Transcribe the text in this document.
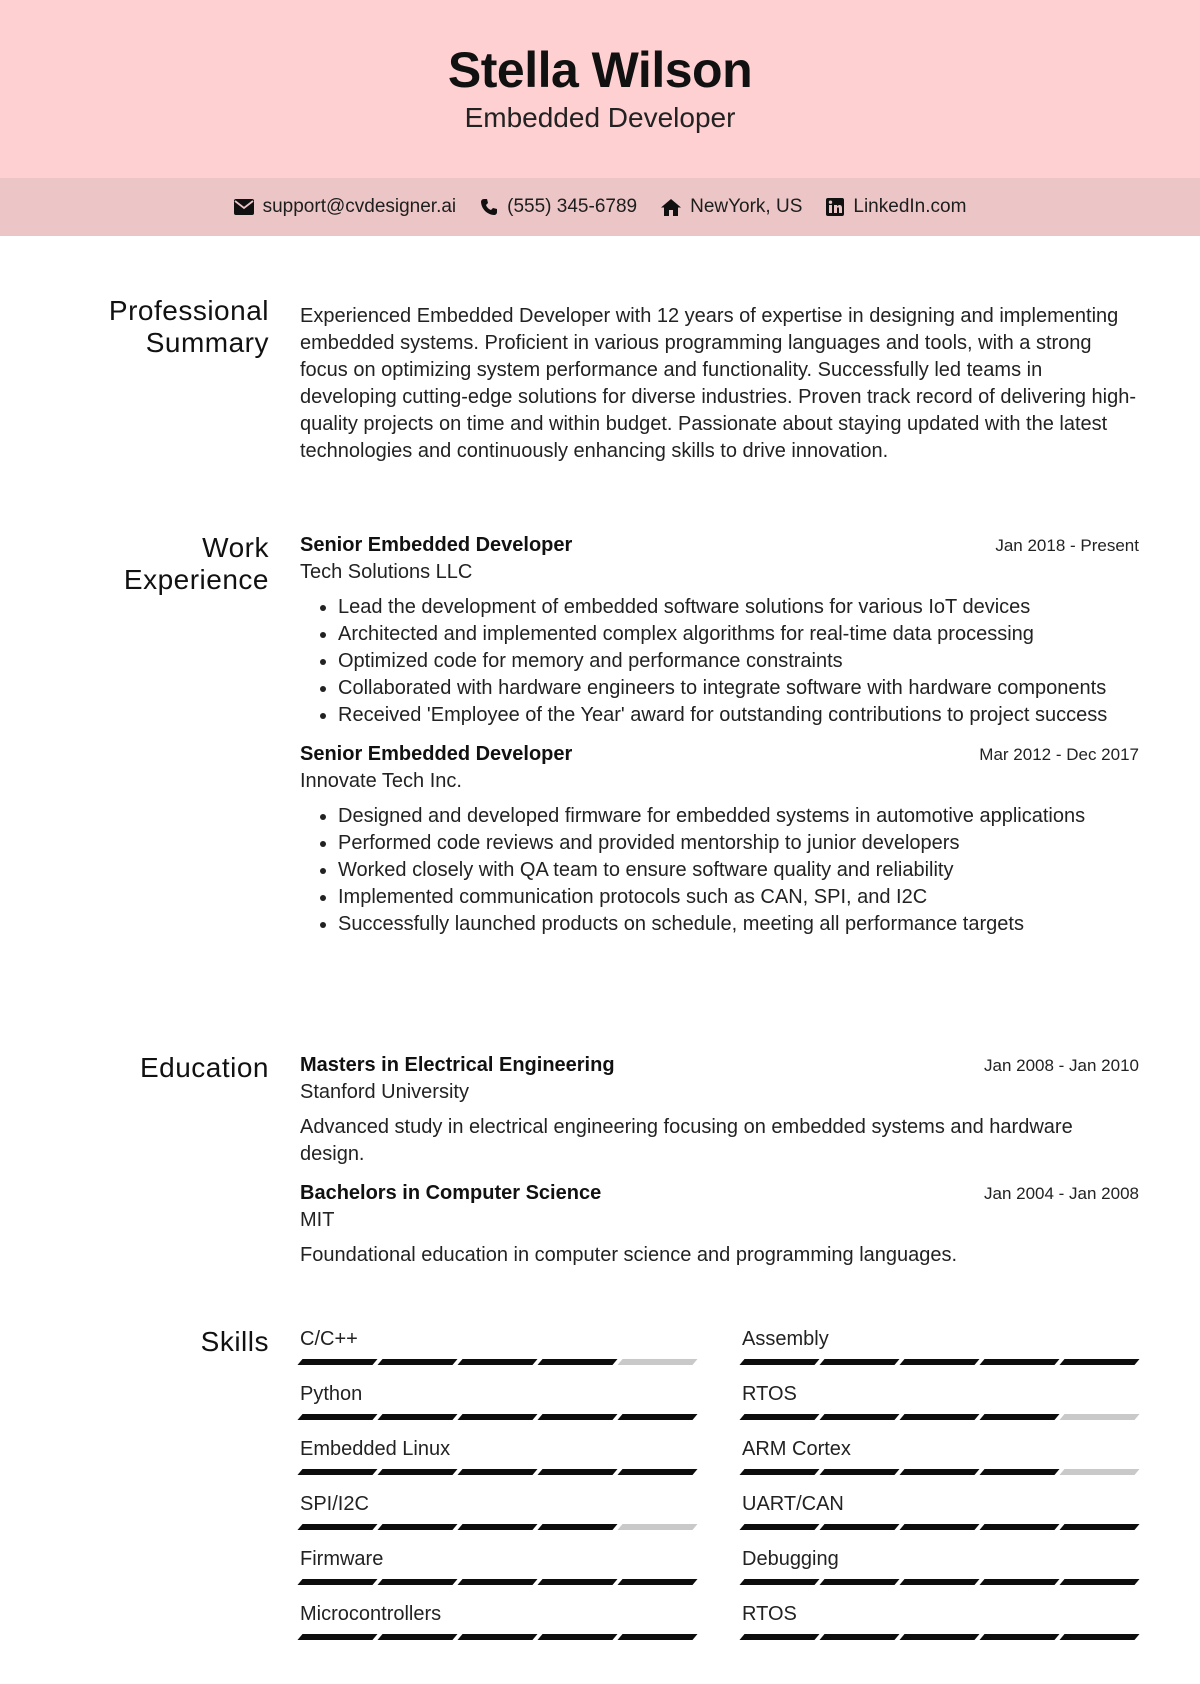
Stella Wilson
Embedded Developer
support@cvdesigner.ai	(555) 345-6789	NewYork, US	LinkedIn.com
Professional
Summary

Experienced Embedded Developer with 12 years of expertise in designing and implementing embedded systems. Proficient in various programming languages and tools, with a strong focus on optimizing system performance and functionality. Successfully led teams in developing cutting-edge solutions for diverse industries. Proven track record of delivering high-quality projects on time and within budget. Passionate about staying updated with the latest technologies and continuously enhancing skills to drive innovation.

Work
Experience
Senior Embedded Developer	Jan 2018 - Present
Tech Solutions LLC
• Lead the development of embedded software solutions for various IoT devices
• Architected and implemented complex algorithms for real-time data processing
• Optimized code for memory and performance constraints
• Collaborated with hardware engineers to integrate software with hardware components
• Received 'Employee of the Year' award for outstanding contributions to project success
Senior Embedded Developer	Mar 2012 - Dec 2017
Innovate Tech Inc.
• Designed and developed firmware for embedded systems in automotive applications
• Performed code reviews and provided mentorship to junior developers
• Worked closely with QA team to ensure software quality and reliability
• Implemented communication protocols such as CAN, SPI, and I2C
• Successfully launched products on schedule, meeting all performance targets
Education Masters in Electrical Engineering	Jan 2008 - Jan 2010
Stanford University

Advanced study in electrical engineering focusing on embedded systems and hardware design.

Bachelors in Computer Science	Jan 2004 - Jan 2008
MIT

Foundational education in computer science and programming languages.

Skills C/C++	Assembly
Python	RTOS
Embedded Linux	ARM Cortex
SPI/I2C	UART/CAN
Firmware	Debugging
Microcontrollers	RTOS
